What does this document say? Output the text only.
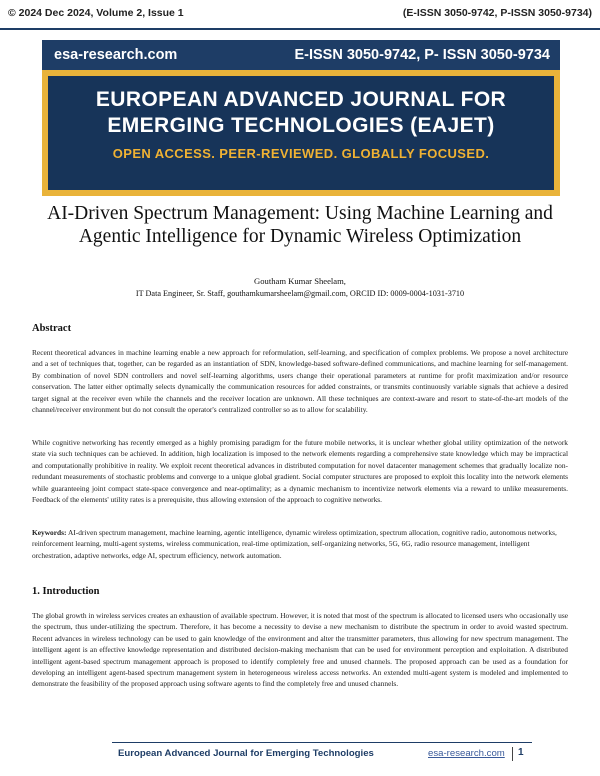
© 2024 Dec 2024, Volume 2, Issue 1	(E-ISSN 3050-9742, P-ISSN 3050-9734)
esa-research.com	E-ISSN 3050-9742, P- ISSN 3050-9734
EUROPEAN ADVANCED JOURNAL FOR
EMERGING TECHNOLOGIES (EAJET)
OPEN ACCESS. PEER-REVIEWED. GLOBALLY FOCUSED.
AI-Driven Spectrum Management: Using Machine Learning and Agentic Intelligence for Dynamic Wireless Optimization
Goutham Kumar Sheelam,
IT Data Engineer, Sr. Staff, gouthamkumarsheelam@gmail.com, ORCID ID: 0009-0004-1031-3710
Abstract
Recent theoretical advances in machine learning enable a new approach for reformulation, self-learning, and specification of complex problems. We propose a novel architecture and a set of techniques that, together, can be regarded as an instantiation of SDN, knowledge-based software-defined communications, and machine learning for self-management. By combination of novel SDN controllers and novel self-learning algorithms, users change their operational parameters at runtime for profit maximization and/or resource conservation. The latter either optimally selects dynamically the communication resources for added constraints, or transmits continuously variable signals that achieve a desired target signal at the receiver even while the channels and the receiver location are unknown. All these techniques are context-aware and resort to state-of-the-art models of the channel/receiver environment but do not consult the operator's centralized controller so as to allow for scalability.
While cognitive networking has recently emerged as a highly promising paradigm for the future mobile networks, it is unclear whether global utility optimization of the network state via such techniques can be achieved. In addition, high localization is imposed to the network elements regarding a comprehensive state knowledge which may be impractical and computationally prohibitive in reality. We exploit recent theoretical advances in distributed computation for novel datacenter management schemes that gradually localize non-redundant measurements of stochastic problems and converge to a unique global gradient. Social computer structures are proposed to exploit this locality into the network elements while guaranteeing joint compact state-space convergence and near-optimality; as a dynamic mechanism to incentivize network elements via a reward to unlike measurements. Feedback of the elements' utility rates is a prerequisite, thus allowing extension of the approach to cognitive networks.
Keywords: AI-driven spectrum management, machine learning, agentic intelligence, dynamic wireless optimization, spectrum allocation, cognitive radio, autonomous networks, reinforcement learning, multi-agent systems, wireless communication, real-time optimization, self-organizing networks, 5G, 6G, radio resource management, intelligent orchestration, adaptive networks, edge AI, spectrum efficiency, network automation.
1. Introduction
The global growth in wireless services creates an exhaustion of available spectrum. However, it is noted that most of the spectrum is allocated to licensed users who occasionally use the spectrum, thus under-utilizing the spectrum. Therefore, it has become a necessity to devise a new mechanism to distribute the spectrum in order to avoid wasted spectrum. Recent advances in wireless technology can be used to gain knowledge of the environment and alter the transmitter parameters, thus allowing for new spectrum management. The intelligent agent is an effective knowledge representation and distributed decision-making mechanism that can be used for environment perception and exploitation. A distributed intelligent agent-based spectrum management approach is proposed to identify completely free and unused channels. The proposed approach can be used as a foundation for developing an intelligent agent-based spectrum management system in heterogeneous wireless access networks. An extended multi-agent system is modeled and implemented to demonstrate the feasibility of the proposed approach using software agents to find the completely free and unused channels.
European Advanced Journal for Emerging Technologies	esa-research.com 1
